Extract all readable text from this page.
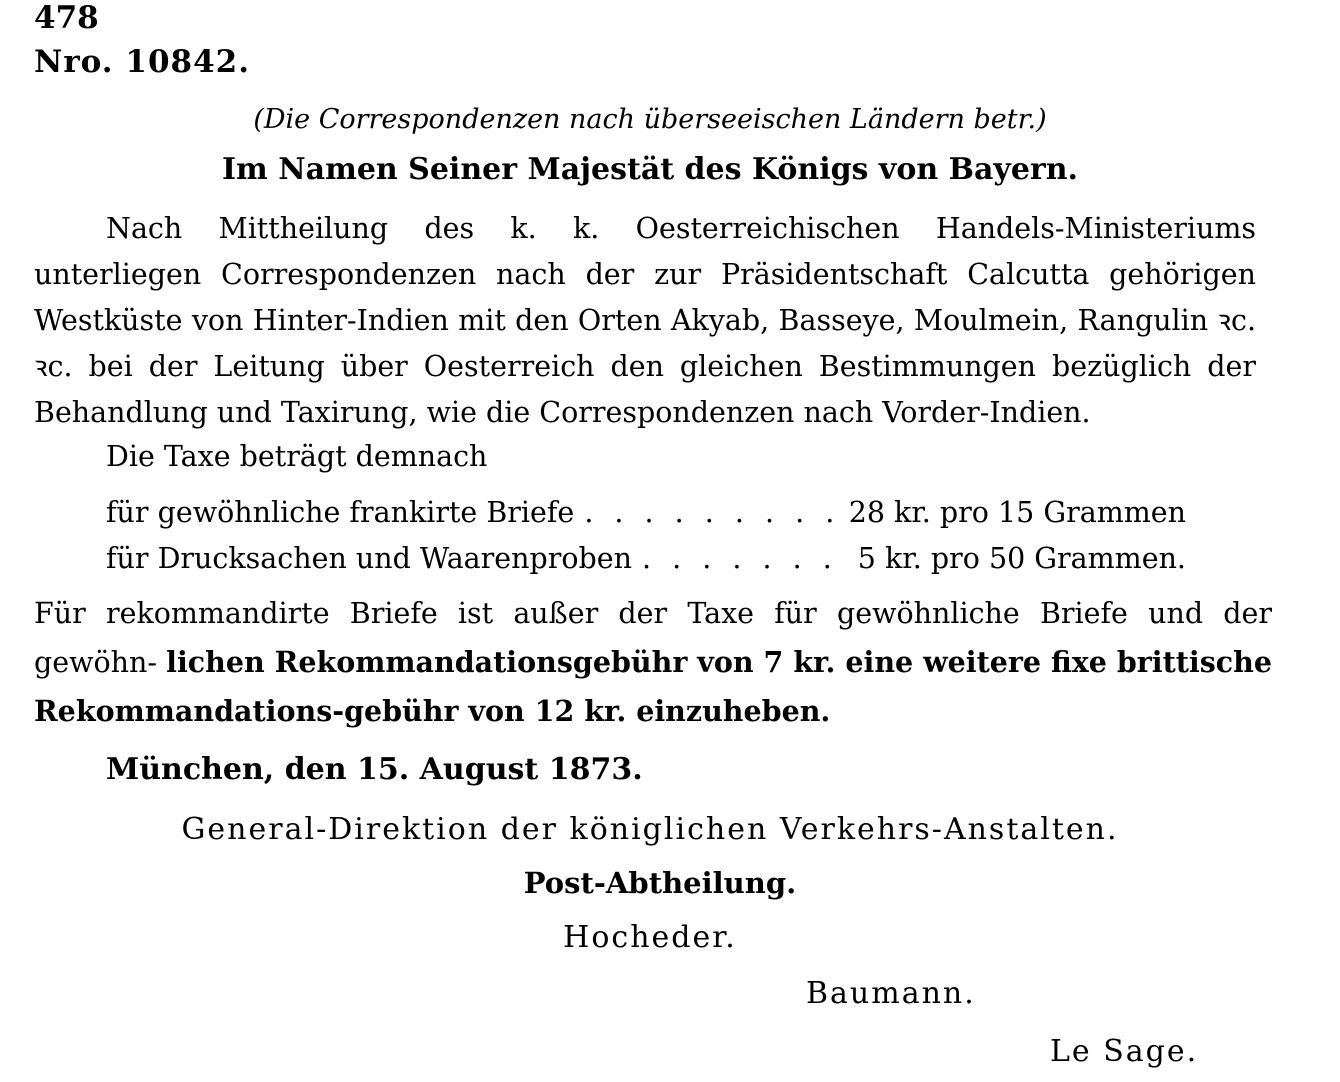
478
Nro. 10842.
(Die Correspondenzen nach überseeischen Ländern betr.)
Im Namen Seiner Majestät des Königs von Bayern.

Nach Mittheilung des k. k. Oesterreichischen Handels-Ministeriums unterliegen Correspondenzen nach der zur Präsidentschaft Calcutta gehörigen Westküste von Hinter-Indien mit den Orten Akyab, Basseye, Moulmein, Rangulin ꝛc. ꝛc. bei der Leitung über Oesterreich den gleichen Bestimmungen bezüglich der Behandlung und Taxirung, wie die Correspondenzen nach Vorder-Indien.

Die Taxe beträgt demnach
für gewöhnliche frankirte Briefe . . .	28 kr. pro 15 Grammen
für Drucksachen und Waarenproben . . .	5 kr. pro 50 Grammen.
Für rekommandirte Briefe ist außer der Taxe für gewöhnliche Briefe und der gewöhn- lichen Rekommandationsgebühr von 7 kr. eine weitere fixe brittische Rekommandations-gebühr von 12 kr. einzuheben.
München, den 15. August 1873.
General-Direktion der königlichen Verkehrs-Anstalten.
Post-Abtheilung.
Hocheder.
Baumann.
Le Sage.
